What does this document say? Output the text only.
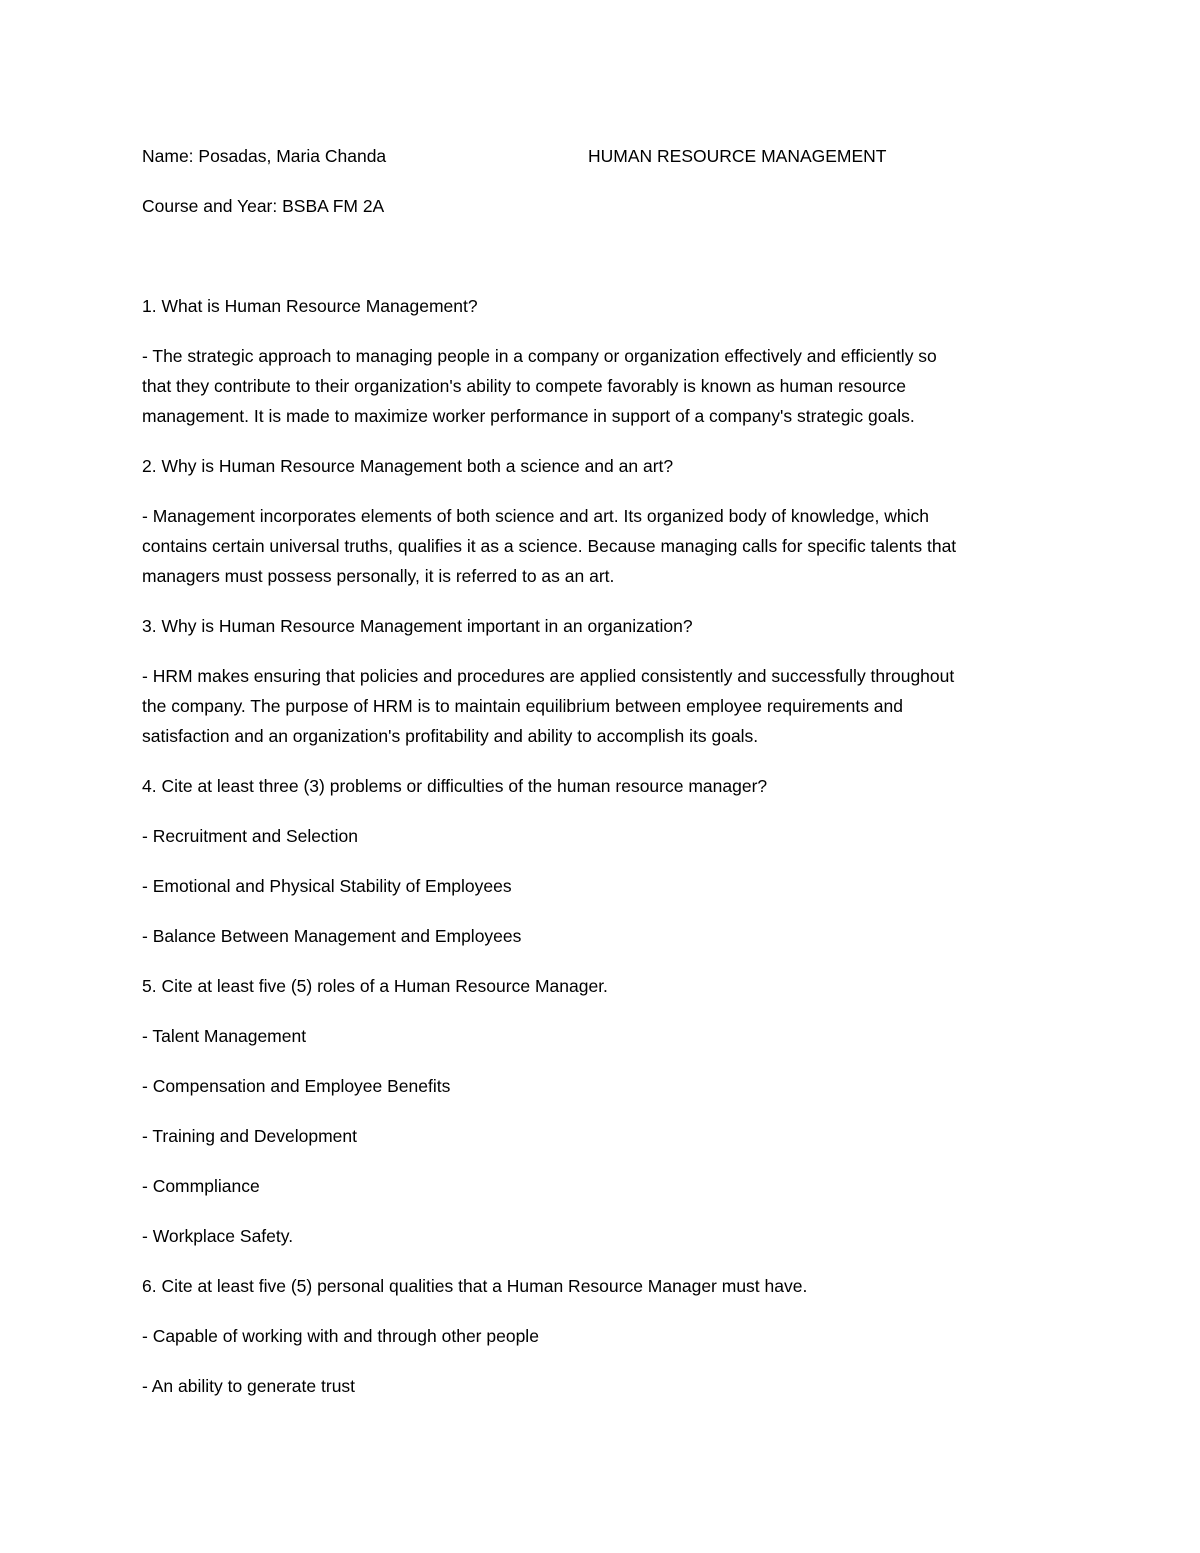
Name: Posadas, Maria Chanda	HUMAN RESOURCE MANAGEMENT

Course and Year: BSBA FM 2A

1. What is Human Resource Management?

- The strategic approach to managing people in a company or organization effectively and efficiently so

that they contribute to their organization's ability to compete favorably is known as human resource

management. It is made to maximize worker performance in support of a company's strategic goals.

2. Why is Human Resource Management both a science and an art?

- Management incorporates elements of both science and art. Its organized body of knowledge, which

contains certain universal truths, qualifies it as a science. Because managing calls for specific talents that

managers must possess personally, it is referred to as an art.

3. Why is Human Resource Management important in an organization?

- HRM makes ensuring that policies and procedures are applied consistently and successfully throughout

the company. The purpose of HRM is to maintain equilibrium between employee requirements and

satisfaction and an organization's profitability and ability to accomplish its goals.

4. Cite at least three (3) problems or difficulties of the human resource manager?

- Recruitment and Selection

- Emotional and Physical Stability of Employees

- Balance Between Management and Employees

5. Cite at least five (5) roles of a Human Resource Manager.

- Talent Management

- Compensation and Employee Benefits

- Training and Development

- Commpliance

- Workplace Safety.

6. Cite at least five (5) personal qualities that a Human Resource Manager must have.

- Capable of working with and through other people

- An ability to generate trust
